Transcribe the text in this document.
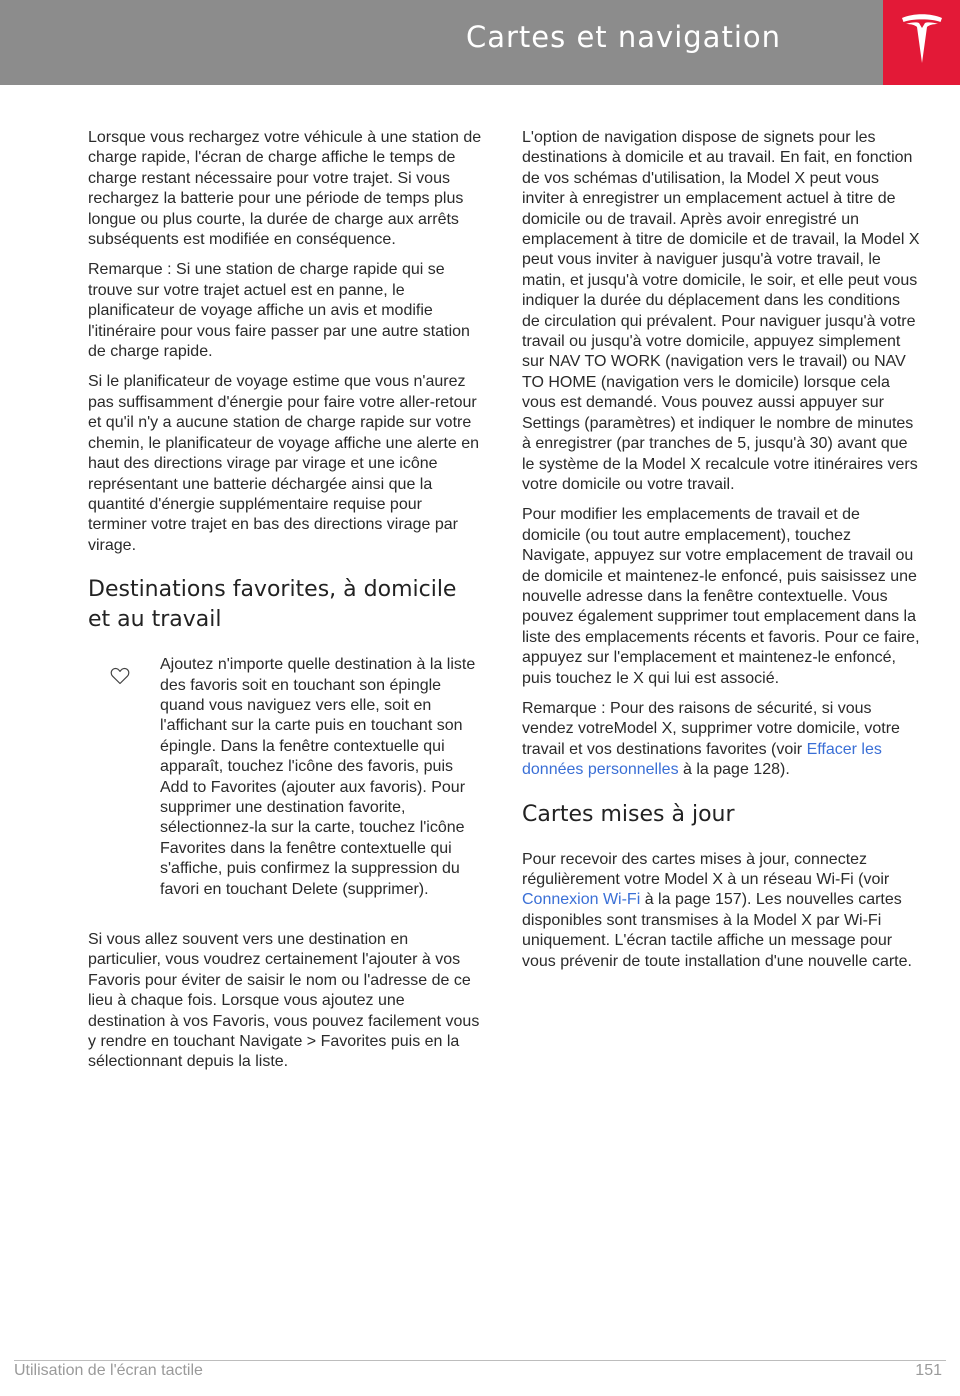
Cartes et navigation

Lorsque vous rechargez votre véhicule à une station de charge rapide, l'écran de charge affiche le temps de charge restant nécessaire pour votre trajet. Si vous rechargez la batterie pour une période de temps plus longue ou plus courte, la durée de charge aux arrêts subséquents est modifiée en conséquence.

Remarque : Si une station de charge rapide qui se trouve sur votre trajet actuel est en panne, le planificateur de voyage affiche un avis et modifie l'itinéraire pour vous faire passer par une autre station de charge rapide.

Si le planificateur de voyage estime que vous n'aurez pas suffisamment d'énergie pour faire votre aller-retour et qu'il n'y a aucune station de charge rapide sur votre chemin, le planificateur de voyage affiche une alerte en haut des directions virage par virage et une icône représentant une batterie déchargée ainsi que la quantité d'énergie supplémentaire requise pour terminer votre trajet en bas des directions virage par virage.

Destinations favorites, à domicile et au travail

Ajoutez n'importe quelle destination à la liste des favoris soit en touchant son épingle quand vous naviguez vers elle, soit en l'affichant sur la carte puis en touchant son épingle. Dans la fenêtre contextuelle qui apparaît, touchez l'icône des favoris, puis Add to Favorites (ajouter aux favoris). Pour supprimer une destination favorite, sélectionnez-la sur la carte, touchez l'icône Favorites dans la fenêtre contextuelle qui s'affiche, puis confirmez la suppression du favori en touchant Delete (supprimer).

Si vous allez souvent vers une destination en particulier, vous voudrez certainement l'ajouter à vos Favoris pour éviter de saisir le nom ou l'adresse de ce lieu à chaque fois. Lorsque vous ajoutez une destination à vos Favoris, vous pouvez facilement vous y rendre en touchant Navigate > Favorites puis en la sélectionnant depuis la liste.

L'option de navigation dispose de signets pour les destinations à domicile et au travail. En fait, en fonction de vos schémas d'utilisation, la Model X peut vous inviter à enregistrer un emplacement actuel à titre de domicile ou de travail. Après avoir enregistré un emplacement à titre de domicile et de travail, la Model X peut vous inviter à naviguer jusqu'à votre travail, le matin, et jusqu'à votre domicile, le soir, et elle peut vous indiquer la durée du déplacement dans les conditions de circulation qui prévalent. Pour naviguer jusqu'à votre travail ou jusqu'à votre domicile, appuyez simplement sur NAV TO WORK (navigation vers le travail) ou NAV TO HOME (navigation vers le domicile) lorsque cela vous est demandé. Vous pouvez aussi appuyer sur Settings (paramètres) et indiquer le nombre de minutes à enregistrer (par tranches de 5, jusqu'à 30) avant que le système de la Model X recalcule votre itinéraires vers votre domicile ou votre travail.

Pour modifier les emplacements de travail et de domicile (ou tout autre emplacement), touchez Navigate, appuyez sur votre emplacement de travail ou de domicile et maintenez-le enfoncé, puis saisissez une nouvelle adresse dans la fenêtre contextuelle. Vous pouvez également supprimer tout emplacement dans la liste des emplacements récents et favoris. Pour ce faire, appuyez sur l'emplacement et maintenez-le enfoncé, puis touchez le X qui lui est associé.

Remarque : Pour des raisons de sécurité, si vous vendez votreModel X, supprimer votre domicile, votre travail et vos destinations favorites (voir Effacer les données personnelles à la page 128).

Cartes mises à jour

Pour recevoir des cartes mises à jour, connectez régulièrement votre Model X à un réseau Wi-Fi (voir Connexion Wi-Fi à la page 157). Les nouvelles cartes disponibles sont transmises à la Model X par Wi-Fi uniquement. L'écran tactile affiche un message pour vous prévenir de toute installation d'une nouvelle carte.

Utilisation de l'écran tactile	151
